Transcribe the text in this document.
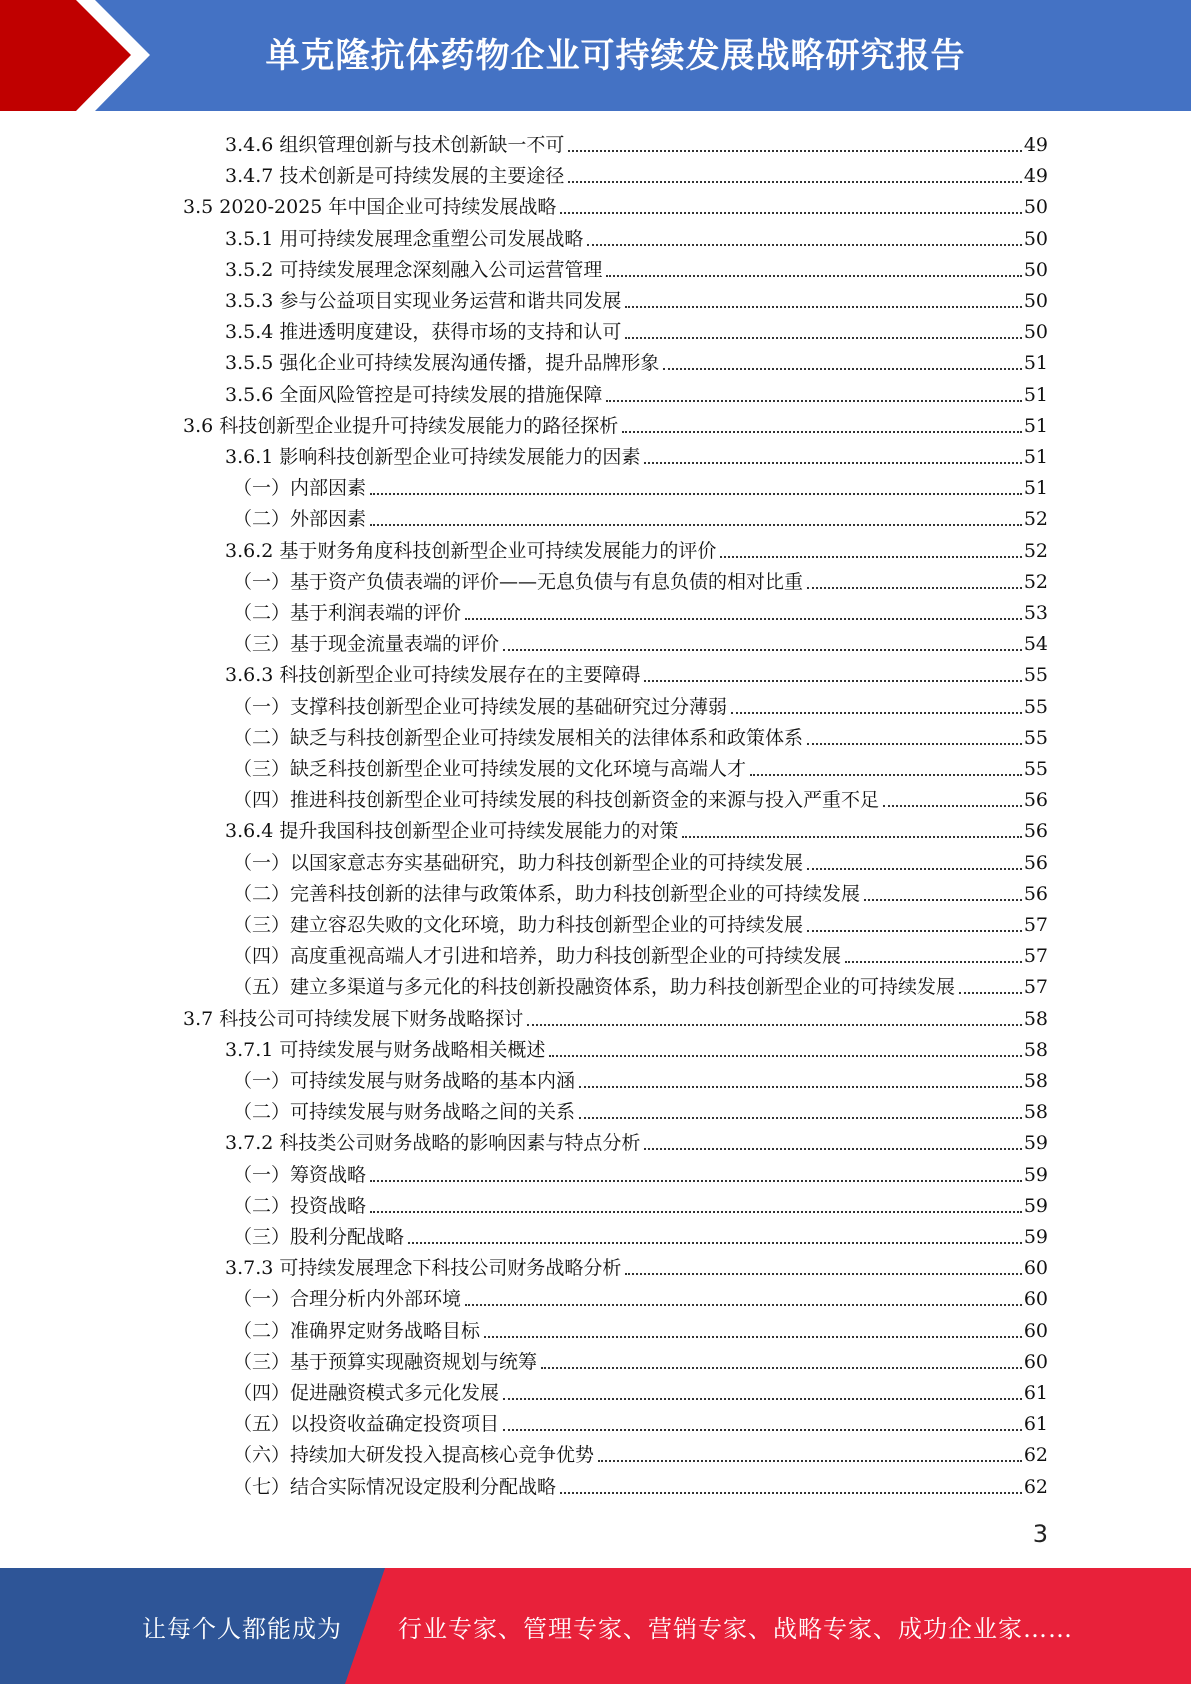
单克隆抗体药物企业可持续发展战略研究报告
3.4.6 组织管理创新与技术创新缺一不可	49
3.4.7 技术创新是可持续发展的主要途径	49
3.5 2020-2025 年中国企业可持续发展战略	50
3.5.1 用可持续发展理念重塑公司发展战略	50
3.5.2 可持续发展理念深刻融入公司运营管理	50
3.5.3 参与公益项目实现业务运营和谐共同发展	50
3.5.4 推进透明度建设，获得市场的支持和认可	50
3.5.5 强化企业可持续发展沟通传播，提升品牌形象	51
3.5.6 全面风险管控是可持续发展的措施保障	51
3.6 科技创新型企业提升可持续发展能力的路径探析	51
3.6.1 影响科技创新型企业可持续发展能力的因素	51
（一）内部因素	51
（二）外部因素	52
3.6.2 基于财务角度科技创新型企业可持续发展能力的评价	52
（一）基于资产负债表端的评价——无息负债与有息负债的相对比重	52
（二）基于利润表端的评价	53
（三）基于现金流量表端的评价	54
3.6.3 科技创新型企业可持续发展存在的主要障碍	55
（一）支撑科技创新型企业可持续发展的基础研究过分薄弱	55
（二）缺乏与科技创新型企业可持续发展相关的法律体系和政策体系	55
（三）缺乏科技创新型企业可持续发展的文化环境与高端人才	55
（四）推进科技创新型企业可持续发展的科技创新资金的来源与投入严重不足	56
3.6.4 提升我国科技创新型企业可持续发展能力的对策	56
（一）以国家意志夯实基础研究，助力科技创新型企业的可持续发展	56
（二）完善科技创新的法律与政策体系，助力科技创新型企业的可持续发展	56
（三）建立容忍失败的文化环境，助力科技创新型企业的可持续发展	57
（四）高度重视高端人才引进和培养，助力科技创新型企业的可持续发展	57
（五）建立多渠道与多元化的科技创新投融资体系，助力科技创新型企业的可持续发展	57
3.7 科技公司可持续发展下财务战略探讨	58
3.7.1 可持续发展与财务战略相关概述	58
（一）可持续发展与财务战略的基本内涵	58
（二）可持续发展与财务战略之间的关系	58
3.7.2 科技类公司财务战略的影响因素与特点分析	59
（一）筹资战略	59
（二）投资战略	59
（三）股利分配战略	59
3.7.3 可持续发展理念下科技公司财务战略分析	60
（一）合理分析内外部环境	60
（二）准确界定财务战略目标	60
（三）基于预算实现融资规划与统筹	60
（四）促进融资模式多元化发展	61
（五）以投资收益确定投资项目	61
（六）持续加大研发投入提高核心竞争优势	62
（七）结合实际情况设定股利分配战略	62
3
让每个人都能成为 行业专家、管理专家、营销专家、战略专家、成功企业家……
